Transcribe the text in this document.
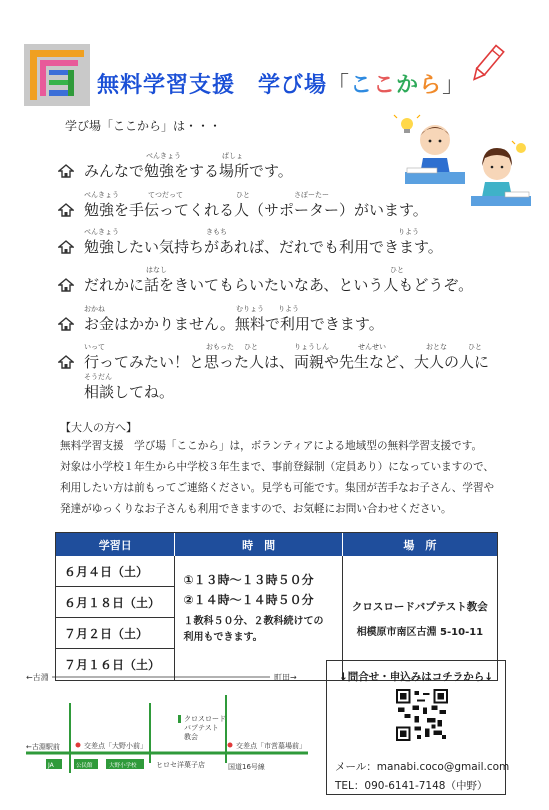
無料学習支援　学び場「ここから」
学び場「ここから」は・・・
べんきょう	ばしょ
みんなで勉強をする場所です。
べんきょう	てつだって	ひと	さぽーたー
勉強を手伝ってくれる人（サポーター）がいます。
べんきょう	きもち	りよう
勉強したい気持ちがあれば、だれでも利用できます。
はなし	ひと
だれかに話をきいてもらいたいなあ、という人もどうぞ。
おかね	むりょう りよう
お金はかかりません。無料で利用できます。
いって	おもった ひと	りょうしん	せんせい	おとな	ひと
行ってみたい！と思った人は、両親や先生など、大人の人に
そうだん
相談してね。
【大人の方へ】
無料学習支援　学び場「ここから」は，ボランティアによる地域型の無料学習支援です。
対象は小学校１年生から中学校３年生まで、事前登録制（定員あり）になっていますので、
利用したい方は前もってご連絡ください。見学も可能です。集団が苦手なお子さん、学習や
発達がゆっくりなお子さんも利用できますので、お気軽にお問い合わせください。
学習日	時　間	場　所
６月４日（土）
６月１８日（土）
７月２日（土）
７月１６日（土）
①１３時～１３時５０分
②１４時～１４時５０分
１教科５０分、２教科続けての
利用もできます。
クロスロードバプテスト教会
相模原市南区古淵 5-10-11
←古淵	町田→
クロスロード
バプテスト
教会
←古淵駅前	交差点「大野小前」	交差点「市営墓場前」
JA	公民館	大野小学校	ヒロセ洋菓子店	国道16号線
↓問合せ・申込みはコチラから↓
メール：manabi.coco@gmail.com
TEL：090-6141-7148（中野）
